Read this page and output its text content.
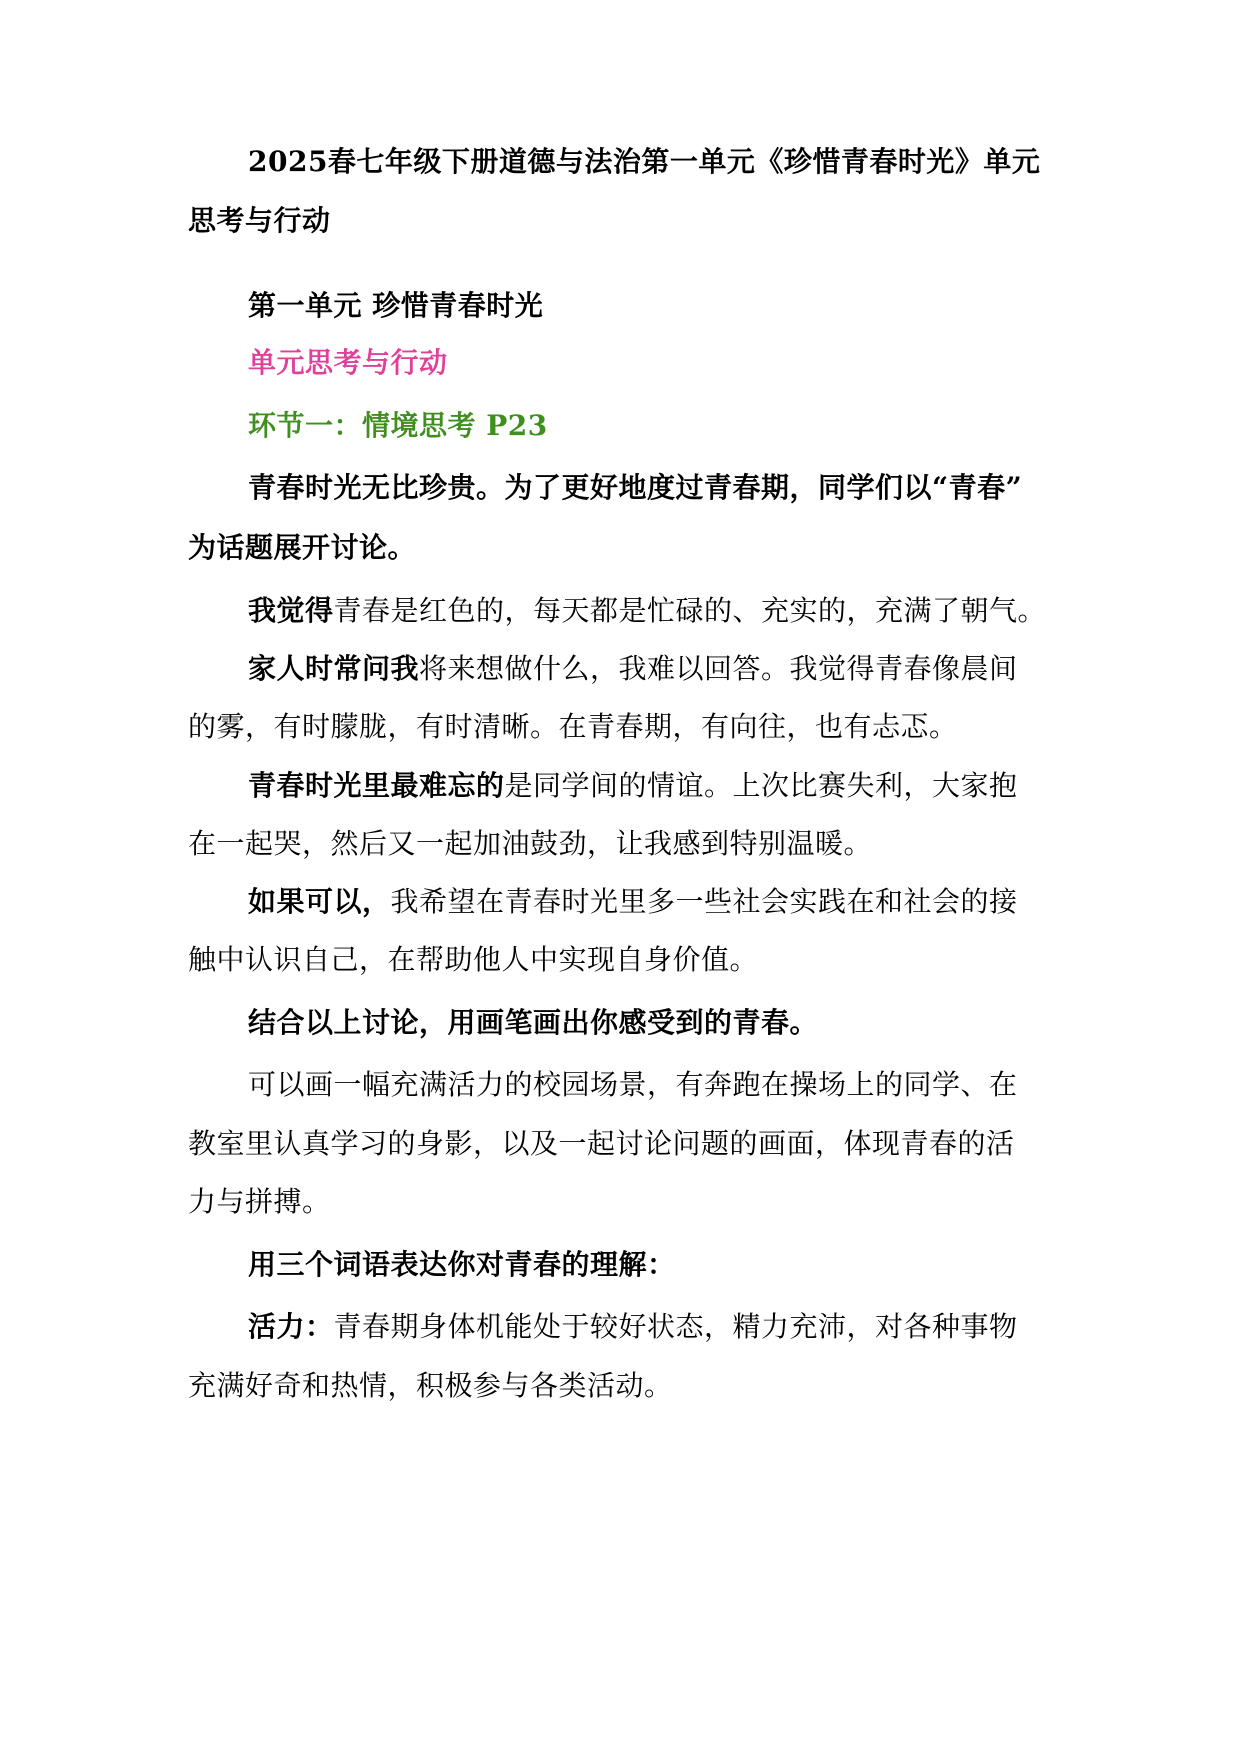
2025春七年级下册道德与法治第一单元《珍惜青春时光》单元
思考与行动
第一单元 珍惜青春时光
单元思考与行动
环节一：情境思考 P23
青春时光无比珍贵。为了更好地度过青春期，同学们以“青春”
为话题展开讨论。
我觉得青春是红色的，每天都是忙碌的、充实的，充满了朝气。
家人时常问我将来想做什么，我难以回答。我觉得青春像晨间
的雾，有时朦胧，有时清晰。在青春期，有向往，也有忐忑。
青春时光里最难忘的是同学间的情谊。上次比赛失利，大家抱
在一起哭，然后又一起加油鼓劲，让我感到特别温暖。
如果可以，我希望在青春时光里多一些社会实践在和社会的接
触中认识自己，在帮助他人中实现自身价值。
结合以上讨论，用画笔画出你感受到的青春。
可以画一幅充满活力的校园场景，有奔跑在操场上的同学、在
教室里认真学习的身影，以及一起讨论问题的画面，体现青春的活
力与拼搏。
用三个词语表达你对青春的理解：
活力：青春期身体机能处于较好状态，精力充沛，对各种事物
充满好奇和热情，积极参与各类活动。
